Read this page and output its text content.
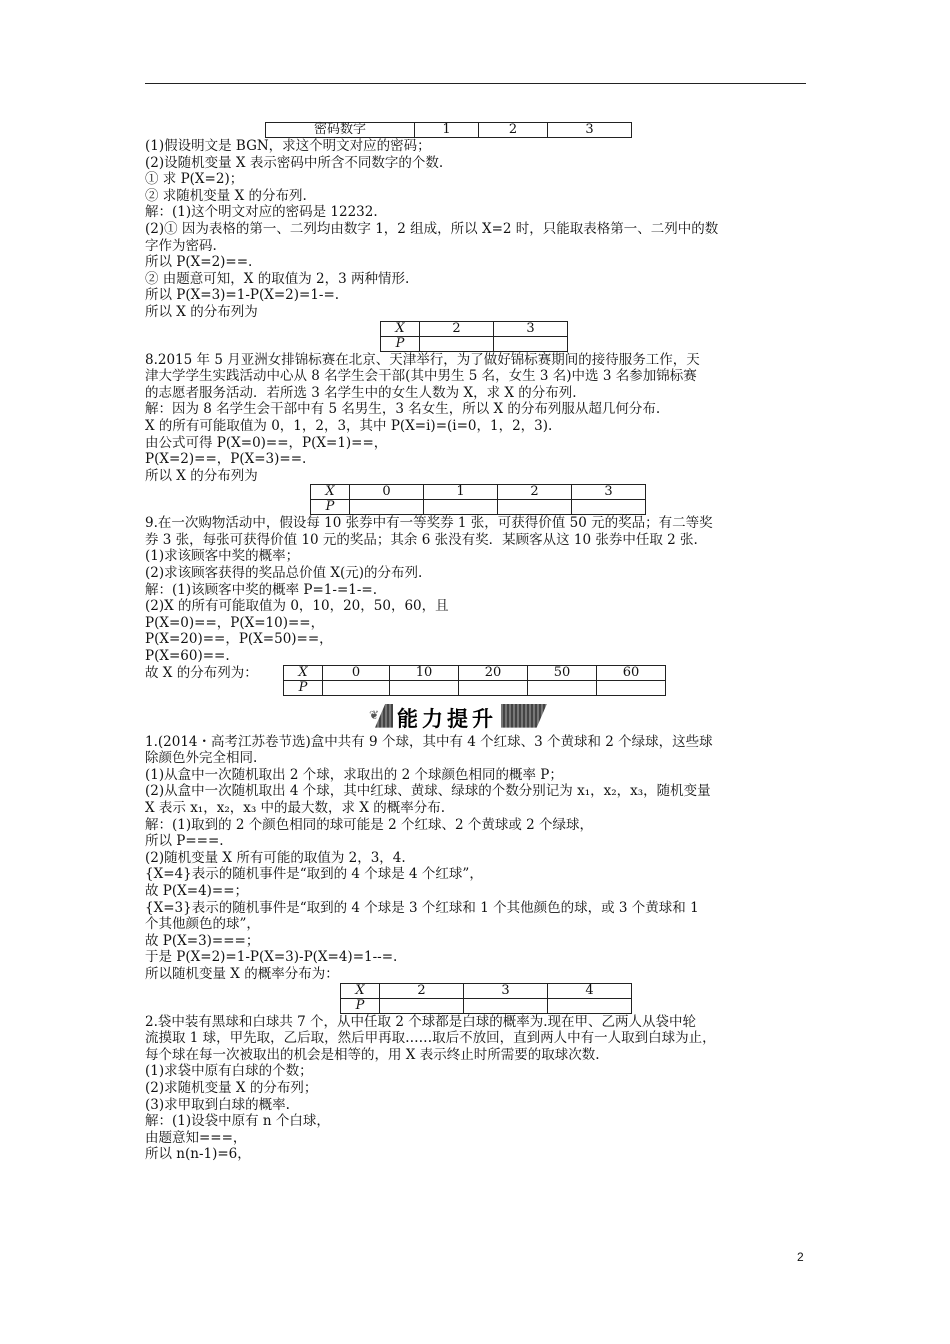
密码数字	1	2	3
(1)假设明文是 BGN，求这个明文对应的密码；
(2)设随机变量 X 表示密码中所含不同数字的个数.
① 求 P(X=2)；
② 求随机变量 X 的分布列.
解：(1)这个明文对应的密码是 12232.
(2)① 因为表格的第一、二列均由数字 1，2 组成，所以 X=2 时，只能取表格第一、二列中的数
字作为密码.
所以 P(X=2)==.
② 由题意可知，X 的取值为 2，3 两种情形.
所以 P(X=3)=1-P(X=2)=1-=.
所以 X 的分布列为
X	2	3
P		
8.2015 年 5 月亚洲女排锦标赛在北京、天津举行，为了做好锦标赛期间的接待服务工作，天
津大学学生实践活动中心从 8 名学生会干部(其中男生 5 名，女生 3 名)中选 3 名参加锦标赛
的志愿者服务活动．若所选 3 名学生中的女生人数为 X，求 X 的分布列.
解：因为 8 名学生会干部中有 5 名男生，3 名女生，所以 X 的分布列服从超几何分布.
X 的所有可能取值为 0，1，2，3，其中 P(X=i)=(i=0，1，2，3).
由公式可得 P(X=0)==，P(X=1)==，
P(X=2)==，P(X=3)==.
所以 X 的分布列为
X	0	1	2	3
P				
9.在一次购物活动中，假设每 10 张券中有一等奖券 1 张，可获得价值 50 元的奖品；有二等奖
券 3 张，每张可获得价值 10 元的奖品；其余 6 张没有奖．某顾客从这 10 张券中任取 2 张.
(1)求该顾客中奖的概率；
(2)求该顾客获得的奖品总价值 X(元)的分布列.
解：(1)该顾客中奖的概率 P=1-=1-=.
(2)X 的所有可能取值为 0，10，20，50，60，且
P(X=0)==，P(X=10)==，
P(X=20)==，P(X=50)==，
P(X=60)==.
故 X 的分布列为：	X	0	10	20	50	60
P					
❦ 能力提升
1.(2014・高考江苏卷节选)盒中共有 9 个球，其中有 4 个红球、3 个黄球和 2 个绿球，这些球
除颜色外完全相同.
(1)从盒中一次随机取出 2 个球，求取出的 2 个球颜色相同的概率 P；
(2)从盒中一次随机取出 4 个球，其中红球、黄球、绿球的个数分别记为 x₁，x₂，x₃，随机变量
X 表示 x₁，x₂，x₃ 中的最大数，求 X 的概率分布.
解：(1)取到的 2 个颜色相同的球可能是 2 个红球、2 个黄球或 2 个绿球，
所以 P===.
(2)随机变量 X 所有可能的取值为 2，3，4.
{X=4}表示的随机事件是“取到的 4 个球是 4 个红球”，
故 P(X=4)==；
{X=3}表示的随机事件是“取到的 4 个球是 3 个红球和 1 个其他颜色的球，或 3 个黄球和 1
个其他颜色的球”，
故 P(X=3)===；
于是 P(X=2)=1-P(X=3)-P(X=4)=1--=.
所以随机变量 X 的概率分布为：
X	2	3	4
P			
2.袋中装有黑球和白球共 7 个，从中任取 2 个球都是白球的概率为.现在甲、乙两人从袋中轮
流摸取 1 球，甲先取，乙后取，然后甲再取……取后不放回，直到两人中有一人取到白球为止，
每个球在每一次被取出的机会是相等的，用 X 表示终止时所需要的取球次数.
(1)求袋中原有白球的个数；
(2)求随机变量 X 的分布列；
(3)求甲取到白球的概率.
解：(1)设袋中原有 n 个白球，
由题意知===，
所以 n(n-1)=6，
2
